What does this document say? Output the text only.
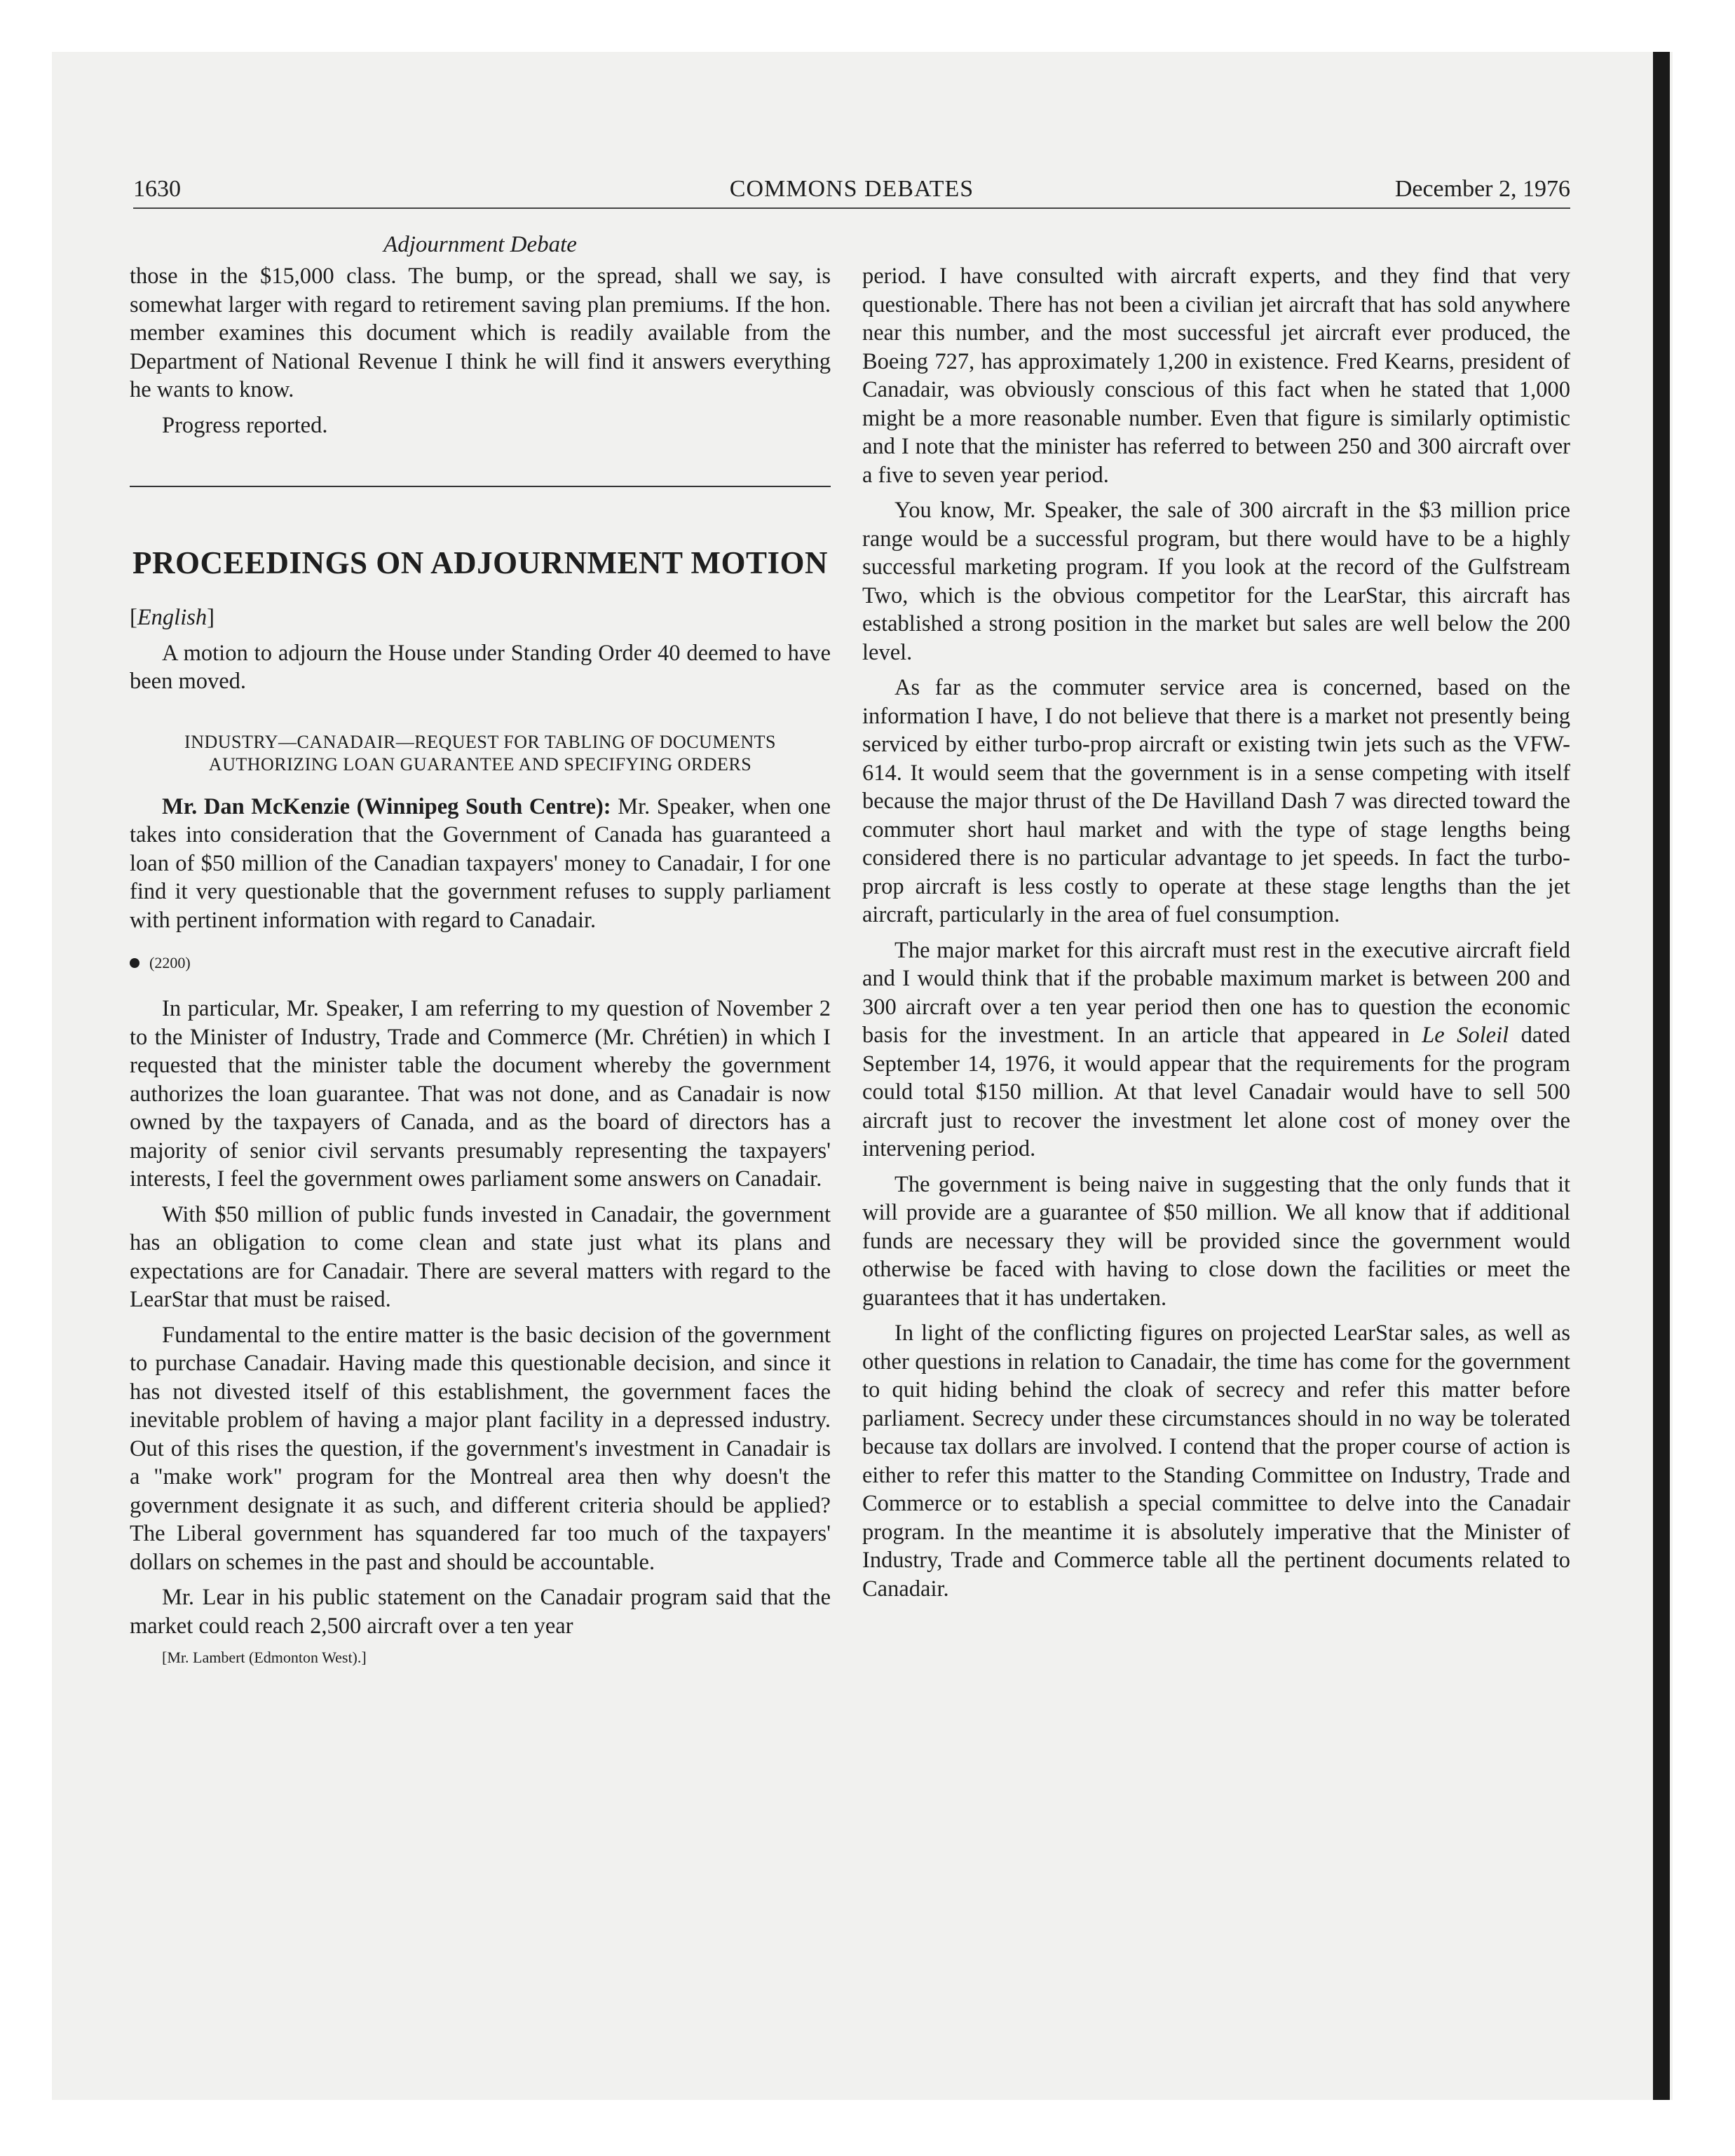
1630	COMMONS DEBATES	December 2, 1976
Adjournment Debate

those in the $15,000 class. The bump, or the spread, shall we say, is somewhat larger with regard to retirement saving plan premiums. If the hon. member examines this document which is readily available from the Department of National Revenue I think he will find it answers everything he wants to know.

Progress reported.

PROCEEDINGS ON ADJOURNMENT MOTION

[English]

A motion to adjourn the House under Standing Order 40 deemed to have been moved.

INDUSTRY—CANADAIR—REQUEST FOR TABLING OF DOCUMENTS AUTHORIZING LOAN GUARANTEE AND SPECIFYING ORDERS

Mr. Dan McKenzie (Winnipeg South Centre): Mr. Speaker, when one takes into consideration that the Government of Canada has guaranteed a loan of $50 million of the Canadian taxpayers' money to Canadair, I for one find it very questionable that the government refuses to supply parliament with pertinent information with regard to Canadair.

(2200)

In particular, Mr. Speaker, I am referring to my question of November 2 to the Minister of Industry, Trade and Commerce (Mr. Chrétien) in which I requested that the minister table the document whereby the government authorizes the loan guarantee. That was not done, and as Canadair is now owned by the taxpayers of Canada, and as the board of directors has a majority of senior civil servants presumably representing the taxpayers' interests, I feel the government owes parliament some answers on Canadair.

With $50 million of public funds invested in Canadair, the government has an obligation to come clean and state just what its plans and expectations are for Canadair. There are several matters with regard to the LearStar that must be raised.

Fundamental to the entire matter is the basic decision of the government to purchase Canadair. Having made this questionable decision, and since it has not divested itself of this establishment, the government faces the inevitable problem of having a major plant facility in a depressed industry. Out of this rises the question, if the government's investment in Canadair is a "make work" program for the Montreal area then why doesn't the government designate it as such, and different criteria should be applied? The Liberal government has squandered far too much of the taxpayers' dollars on schemes in the past and should be accountable.

Mr. Lear in his public statement on the Canadair program said that the market could reach 2,500 aircraft over a ten year

[Mr. Lambert (Edmonton West).]

period. I have consulted with aircraft experts, and they find that very questionable. There has not been a civilian jet aircraft that has sold anywhere near this number, and the most successful jet aircraft ever produced, the Boeing 727, has approximately 1,200 in existence. Fred Kearns, president of Canadair, was obviously conscious of this fact when he stated that 1,000 might be a more reasonable number. Even that figure is similarly optimistic and I note that the minister has referred to between 250 and 300 aircraft over a five to seven year period.

You know, Mr. Speaker, the sale of 300 aircraft in the $3 million price range would be a successful program, but there would have to be a highly successful marketing program. If you look at the record of the Gulfstream Two, which is the obvious competitor for the LearStar, this aircraft has established a strong position in the market but sales are well below the 200 level.

As far as the commuter service area is concerned, based on the information I have, I do not believe that there is a market not presently being serviced by either turbo-prop aircraft or existing twin jets such as the VFW-614. It would seem that the government is in a sense competing with itself because the major thrust of the De Havilland Dash 7 was directed toward the commuter short haul market and with the type of stage lengths being considered there is no particular advantage to jet speeds. In fact the turbo-prop aircraft is less costly to operate at these stage lengths than the jet aircraft, particularly in the area of fuel consumption.

The major market for this aircraft must rest in the executive aircraft field and I would think that if the probable maximum market is between 200 and 300 aircraft over a ten year period then one has to question the economic basis for the investment. In an article that appeared in Le Soleil dated September 14, 1976, it would appear that the requirements for the program could total $150 million. At that level Canadair would have to sell 500 aircraft just to recover the investment let alone cost of money over the intervening period.

The government is being naive in suggesting that the only funds that it will provide are a guarantee of $50 million. We all know that if additional funds are necessary they will be provided since the government would otherwise be faced with having to close down the facilities or meet the guarantees that it has undertaken.

In light of the conflicting figures on projected LearStar sales, as well as other questions in relation to Canadair, the time has come for the government to quit hiding behind the cloak of secrecy and refer this matter before parliament. Secrecy under these circumstances should in no way be tolerated because tax dollars are involved. I contend that the proper course of action is either to refer this matter to the Standing Committee on Industry, Trade and Commerce or to establish a special committee to delve into the Canadair program. In the meantime it is absolutely imperative that the Minister of Industry, Trade and Commerce table all the pertinent documents related to Canadair.
